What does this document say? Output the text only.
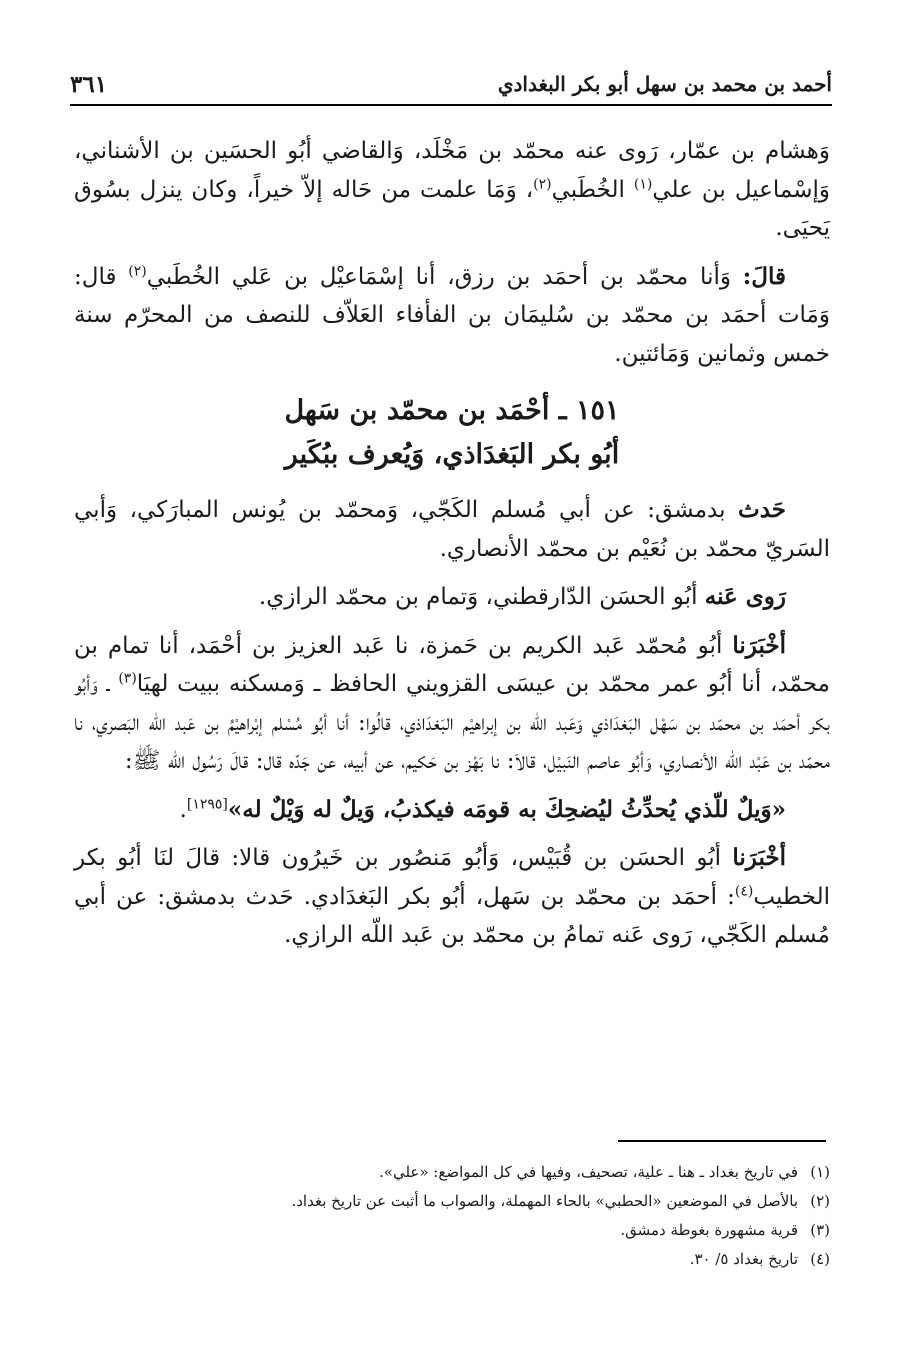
أحمد بن محمد بن سهل أبو بكر البغدادي
٣٦١

وَهشام بن عمّار، رَوى عنه محمّد بن مَخْلَد، وَالقاضي أبُو الحسَين بن الأشناني، وَإسْماعيل بن علي$^{(١)}$ الخُطَبي$^{(٢)}$، وَمَا علمت من حَاله إلاّ خيراً، وكان ينزل بسُوق يَحيَى.

قالَ: وَأنا محمّد بن أحمَد بن رزق، أنا إسْمَاعيْل بن عَلي الخُطَبي$^{(٢)}$ قال: وَمَات أحمَد بن محمّد بن سُليمَان بن الفأفاء العَلاّف للنصف من المحرّم سنة خمس وثمانين وَمَائتين.

١٥١ ـ أحْمَد بن محمّد بن سَهل
أبُو بكر البَغدَاذي، وَيُعرف ببُكَير

حَدث بدمشق: عن أبي مُسلم الكَجّي، وَمحمّد بن يُونس المبارَكي، وَأبي السَريّ محمّد بن نُعَيْم بن محمّد الأنصاري.

رَوى عَنه أبُو الحسَن الدّارقطني، وَتمام بن محمّد الرازي.

أخْبَرَنا أبُو مُحمّد عَبد الكريم بن حَمزة، نا عَبد العزيز بن أحْمَد، أنا تمام بن محمّد، أنا أبُو عمر محمّد بن عيسَى القزويني الحافظ ـ وَمسكنه ببيت لهيَا$^{(٣)}$ ـ وَأبُو بكر أحمَد بن محمّد بن سَهْل البَغدَاذي وَعَبد اللّه بن إبراهيْم البَغدَاذي، قالُوا: أنا أبُو مُسْلم إبْراهيْمُ بن عَبد اللّه البَصري، نا محمّد بن عَبْد اللّه الأنصاري، وَأبُو عاصم النَبيْل، قالاَ: نا بَهْز بن حَكيم، عن أبيه، عن جَدّه قال: قالَ رَسُول الله ﷺ:

«وَيلٌ للّذي يُحدِّثُ ليُضحِكَ به قومَه فيكذبُ، وَيلٌ له وَيْلٌ له»[١٢٩٥].

أخْبَرَنا أبُو الحسَن بن قُبَيْس، وَأبُو مَنصُور بن خَيرُون قالا: قالَ لنَا أبُو بكر الخطيب$^{(٤)}$: أحمَد بن محمّد بن سَهل، أبُو بكر البَغدَادي. حَدث بدمشق: عن أبي مُسلم الكَجّي، رَوى عَنه تمامُ بن محمّد بن عَبد اللّه الرازي.

(١)
في تاريخ بغداد ـ هنا ـ علية، تصحيف، وفيها في كل المواضع: «علي».
(٢)
بالأصل في الموضعين «الحطبي» بالحاء المهملة، والصواب ما أثبت عن تاريخ بغداد.
(٣)
قرية مشهورة بغوطة دمشق.
(٤)
تاريخ بغداد ٥/ ٣٠.
